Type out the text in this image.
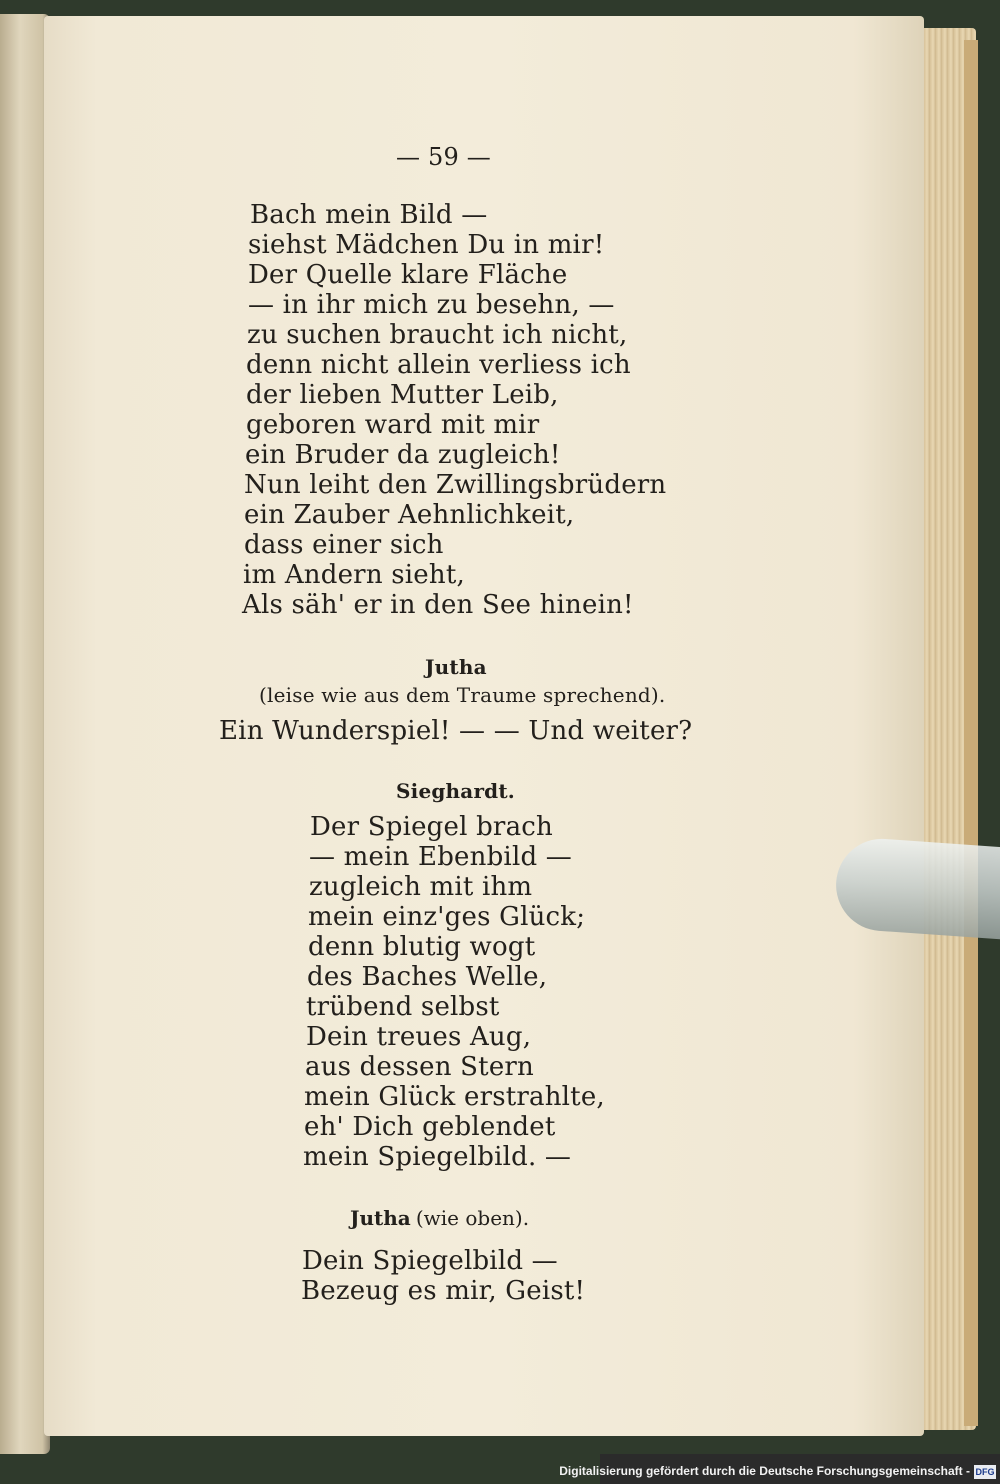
— 59 —
Bach mein Bild —
siehst Mädchen Du in mir!
Der Quelle klare Fläche
— in ihr mich zu besehn, —
zu suchen braucht ich nicht,
denn nicht allein verliess ich
der lieben Mutter Leib,
geboren ward mit mir
ein Bruder da zugleich!
Nun leiht den Zwillingsbrüdern
ein Zauber Aehnlichkeit,
dass einer sich
im Andern sieht,
Als säh' er in den See hinein!
Jutha
(leise wie aus dem Traume sprechend).
Ein Wunderspiel! — — Und weiter?
Sieghardt.
Der Spiegel brach
— mein Ebenbild —
zugleich mit ihm
mein einz'ges Glück;
denn blutig wogt
des Baches Welle,
trübend selbst
Dein treues Aug,
aus dessen Stern
mein Glück erstrahlte,
eh' Dich geblendet
mein Spiegelbild. —
Jutha (wie oben).
Dein Spiegelbild —
Bezeug es mir, Geist!
Digitalisierung gefördert durch die Deutsche Forschungsgemeinschaft - DFG
